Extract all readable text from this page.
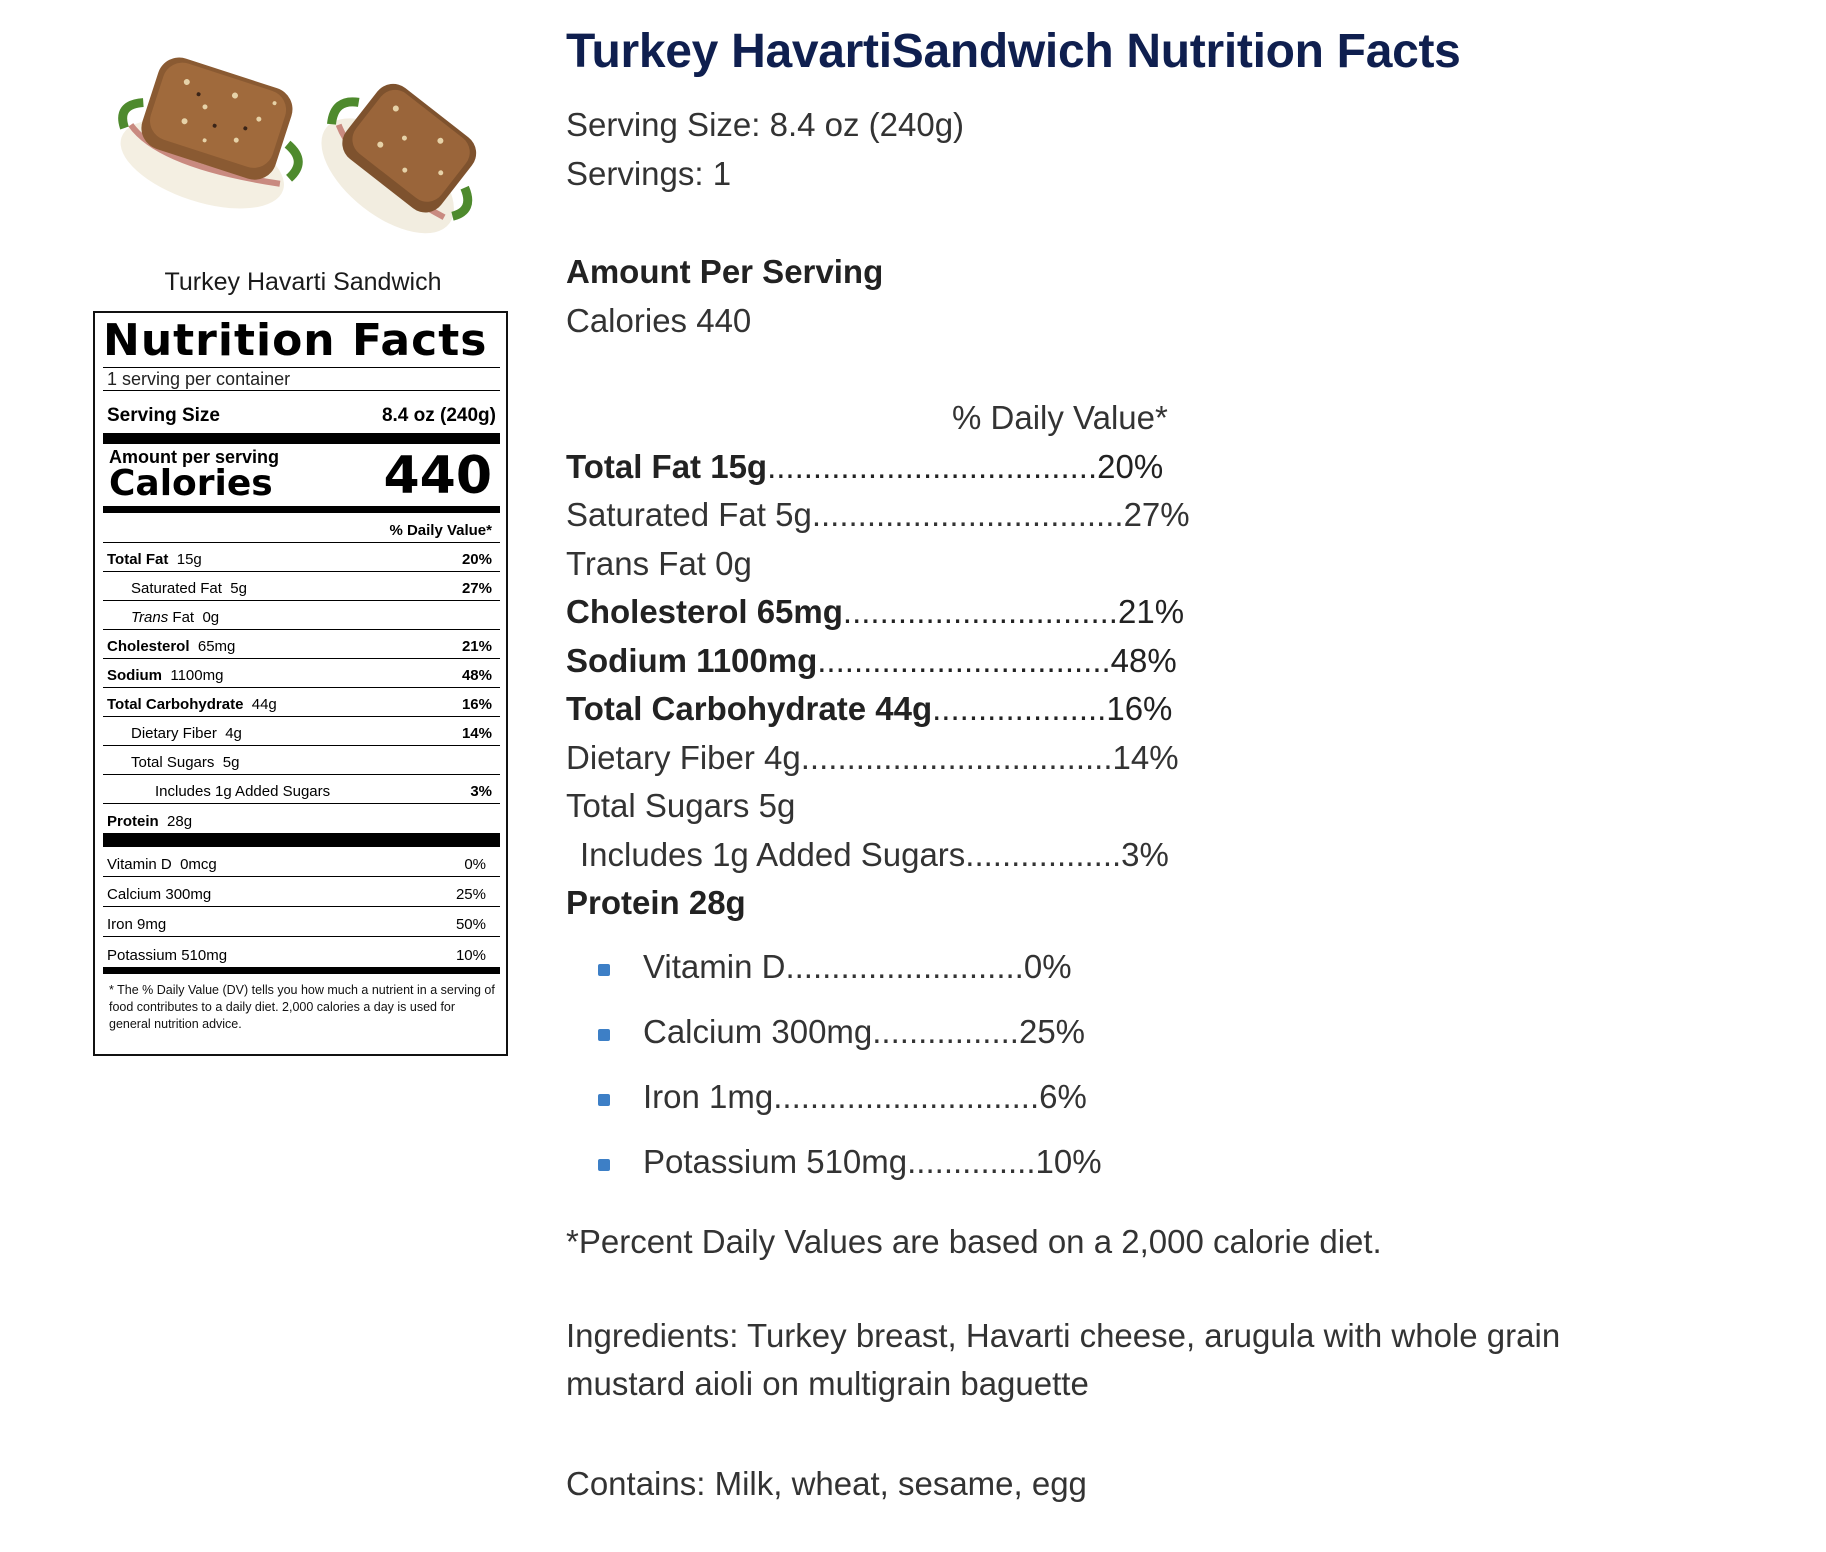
Turkey Havarti Sandwich
Nutrition Facts
1 serving per container
Serving Size	8.4 oz (240g)
Amount per serving
Calories 440
% Daily Value*
Total Fat 15g	20%
Saturated Fat 5g	27%
Trans Fat 0g
Cholesterol 65mg	21%
Sodium 1100mg	48%
Total Carbohydrate 44g	16%
Dietary Fiber 4g	14%
Total Sugars 5g
Includes 1g Added Sugars	3%
Protein 28g
Vitamin D 0mcg	0%
Calcium 300mg	25%
Iron 9mg	50%
Potassium 510mg	10%
* The % Daily Value (DV) tells you how much a nutrient in a serving of food contributes to a daily diet. 2,000 calories a day is used for general nutrition advice.
Turkey HavartiSandwich Nutrition Facts
Serving Size: 8.4 oz (240g)
Servings: 1
Amount Per Serving
Calories 440
% Daily Value*
Total Fat 15g .................................... 20%
Saturated Fat 5g .................................. 27%
Trans Fat 0g
Cholesterol 65mg .............................. 21%
Sodium 1100mg ................................ 48%
Total Carbohydrate 44g ................... 16%
Dietary Fiber 4g .................................. 14%
Total Sugars 5g
Includes 1g Added Sugars ................. 3%
Protein 28g
Vitamin D .......................... 0%
Calcium 300mg ................ 25%
Iron 1mg ............................. 6%
Potassium 510mg .............. 10%
*Percent Daily Values are based on a 2,000 calorie diet.
Ingredients: Turkey breast, Havarti cheese, arugula with whole grain mustard aioli on multigrain baguette
Contains: Milk, wheat, sesame, egg
